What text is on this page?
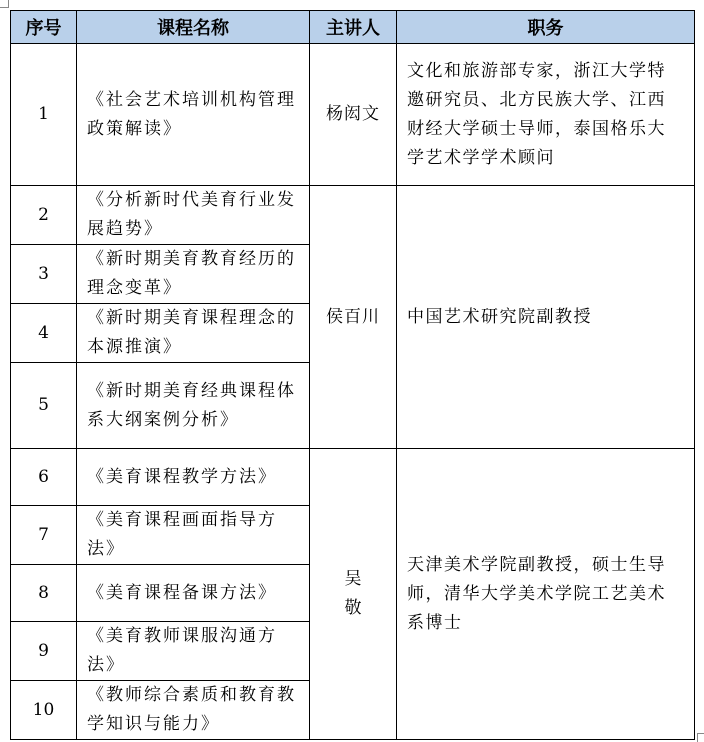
序号	课程名称	主讲人	职务
1	《社会艺术培训机构管理政策解读》	杨闳文	文化和旅游部专家，浙江大学特邀研究员、北方民族大学、江西财经大学硕士导师，泰国格乐大学艺术学学术顾问
2	《分析新时代美育行业发展趋势》	侯百川	中国艺术研究院副教授
3	《新时期美育教育经历的理念变革》		
4	《新时期美育课程理念的本源推演》		
5	《新时期美育经典课程体系大纲案例分析》		
6	《美育课程教学方法》	吴敬	天津美术学院副教授，硕士生导师，清华大学美术学院工艺美术系博士
7	《美育课程画面指导方法》		
8	《美育课程备课方法》		
9	《美育教师课服沟通方法》		
10	《教师综合素质和教育教学知识与能力》		
